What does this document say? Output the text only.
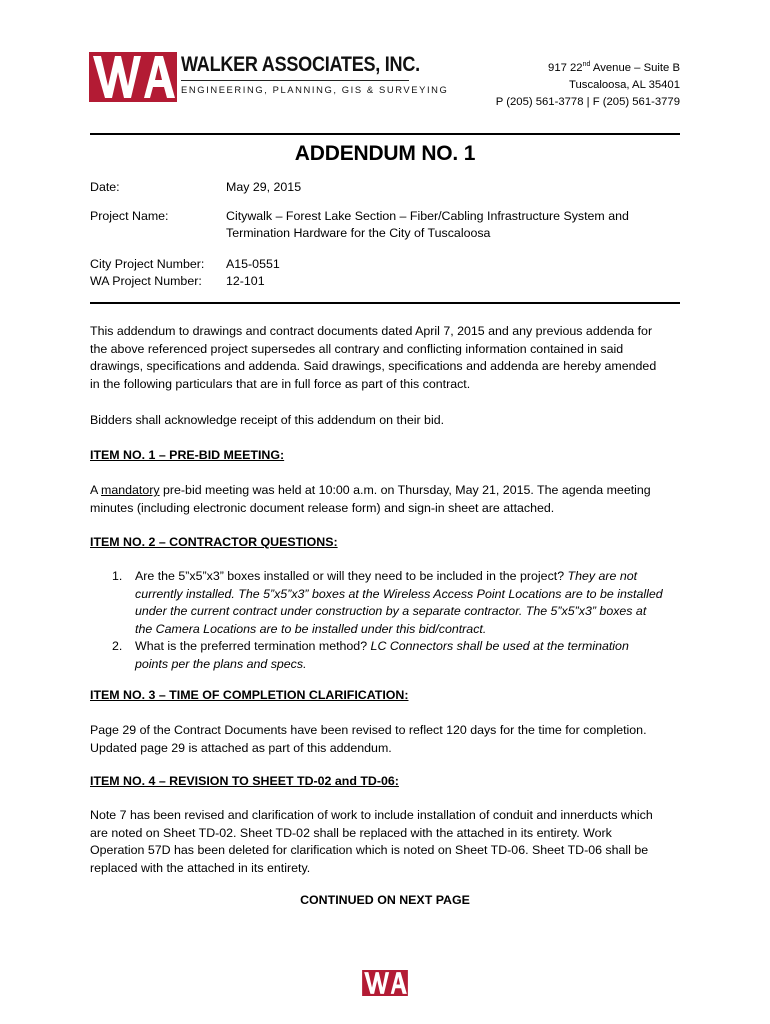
WALKER ASSOCIATES, INC.
ENGINEERING, PLANNING, GIS & SURVEYING
917 22nd Avenue – Suite B
Tuscaloosa, AL 35401
P (205) 561-3778 | F (205) 561-3779
ADDENDUM NO. 1
Date:	May 29, 2015
Project Name:	Citywalk – Forest Lake Section – Fiber/Cabling Infrastructure System and
Termination Hardware for the City of Tuscaloosa
City Project Number: A15-0551
WA Project Number: 12-101
This addendum to drawings and contract documents dated April 7, 2015 and any previous addenda for
the above referenced project supersedes all contrary and conflicting information contained in said
drawings, specifications and addenda. Said drawings, specifications and addenda are hereby amended
in the following particulars that are in full force as part of this contract.
Bidders shall acknowledge receipt of this addendum on their bid.
ITEM NO. 1 – PRE-BID MEETING:
A mandatory pre-bid meeting was held at 10:00 a.m. on Thursday, May 21, 2015. The agenda meeting
minutes (including electronic document release form) and sign-in sheet are attached.
ITEM NO. 2 – CONTRACTOR QUESTIONS:
1. Are the 5”x5”x3” boxes installed or will they need to be included in the project? They are not
currently installed. The 5”x5”x3” boxes at the Wireless Access Point Locations are to be installed
under the current contract under construction by a separate contractor. The 5”x5”x3” boxes at
the Camera Locations are to be installed under this bid/contract.
2. What is the preferred termination method? LC Connectors shall be used at the termination
points per the plans and specs.
ITEM NO. 3 – TIME OF COMPLETION CLARIFICATION:
Page 29 of the Contract Documents have been revised to reflect 120 days for the time for completion.
Updated page 29 is attached as part of this addendum.
ITEM NO. 4 – REVISION TO SHEET TD-02 and TD-06:
Note 7 has been revised and clarification of work to include installation of conduit and innerducts which
are noted on Sheet TD-02. Sheet TD-02 shall be replaced with the attached in its entirety. Work
Operation 57D has been deleted for clarification which is noted on Sheet TD-06. Sheet TD-06 shall be
replaced with the attached in its entirety.
CONTINUED ON NEXT PAGE
